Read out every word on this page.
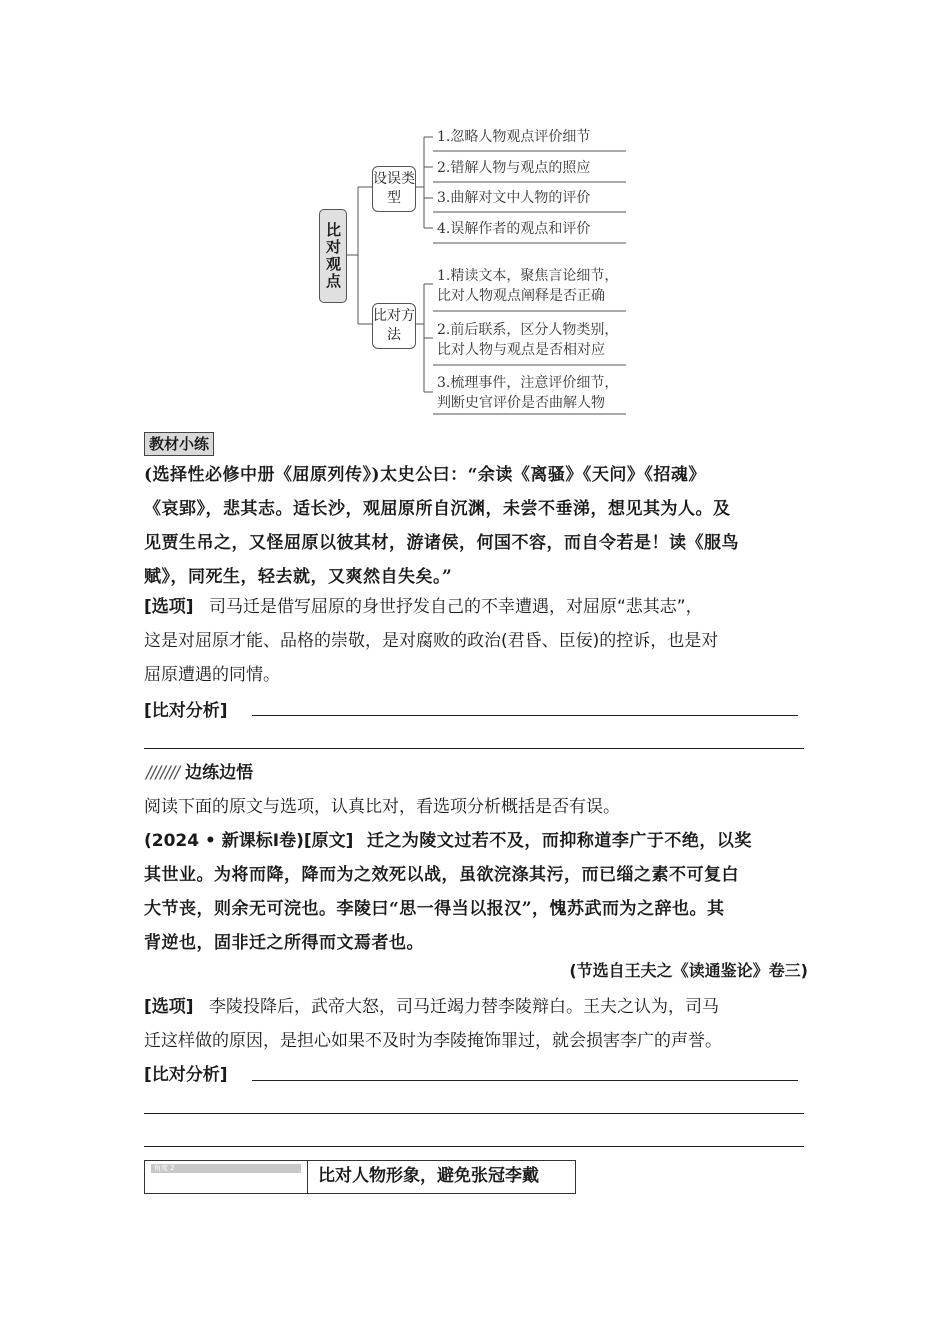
比对观点
设误类型
比对方法
1.忽略人物观点评价细节
2.错解人物与观点的照应
3.曲解对文中人物的评价
4.误解作者的观点和评价
1.精读文本，聚焦言论细节，
比对人物观点阐释是否正确
2.前后联系，区分人物类别，
比对人物与观点是否相对应
3.梳理事件，注意评价细节，
判断史官评价是否曲解人物
教材小练
(选择性必修中册《屈原列传》)太史公曰：“余读《离骚》《天问》《招魂》
《哀郢》，悲其志。适长沙，观屈原所自沉渊，未尝不垂涕，想见其为人。及
见贾生吊之，又怪屈原以彼其材，游诸侯，何国不容，而自令若是！读《服鸟
赋》，同死生，轻去就，又爽然自失矣。”
[选项] 司马迁是借写屈原的身世抒发自己的不幸遭遇，对屈原“悲其志”，
这是对屈原才能、品格的崇敬，是对腐败的政治(君昏、臣佞)的控诉，也是对
屈原遭遇的同情。
[比对分析]
/////// 边练边悟
阅读下面的原文与选项，认真比对，看选项分析概括是否有误。
(2024 • 新课标Ⅰ卷)[原文] 迁之为陵文过若不及，而抑称道李广于不绝，以奖
其世业。为将而降，降而为之效死以战，虽欲浣涤其污，而已缁之素不可复白
大节丧，则余无可浣也。李陵曰“思一得当以报汉”，愧苏武而为之辞也。其
背逆也，固非迁之所得而文焉者也。
(节选自王夫之《读通鉴论》卷三)
[选项] 李陵投降后，武帝大怒，司马迁竭力替李陵辩白。王夫之认为，司马
迁这样做的原因，是担心如果不及时为李陵掩饰罪过，就会损害李广的声誉。
[比对分析]
角度 2	比对人物形象，避免张冠李戴
